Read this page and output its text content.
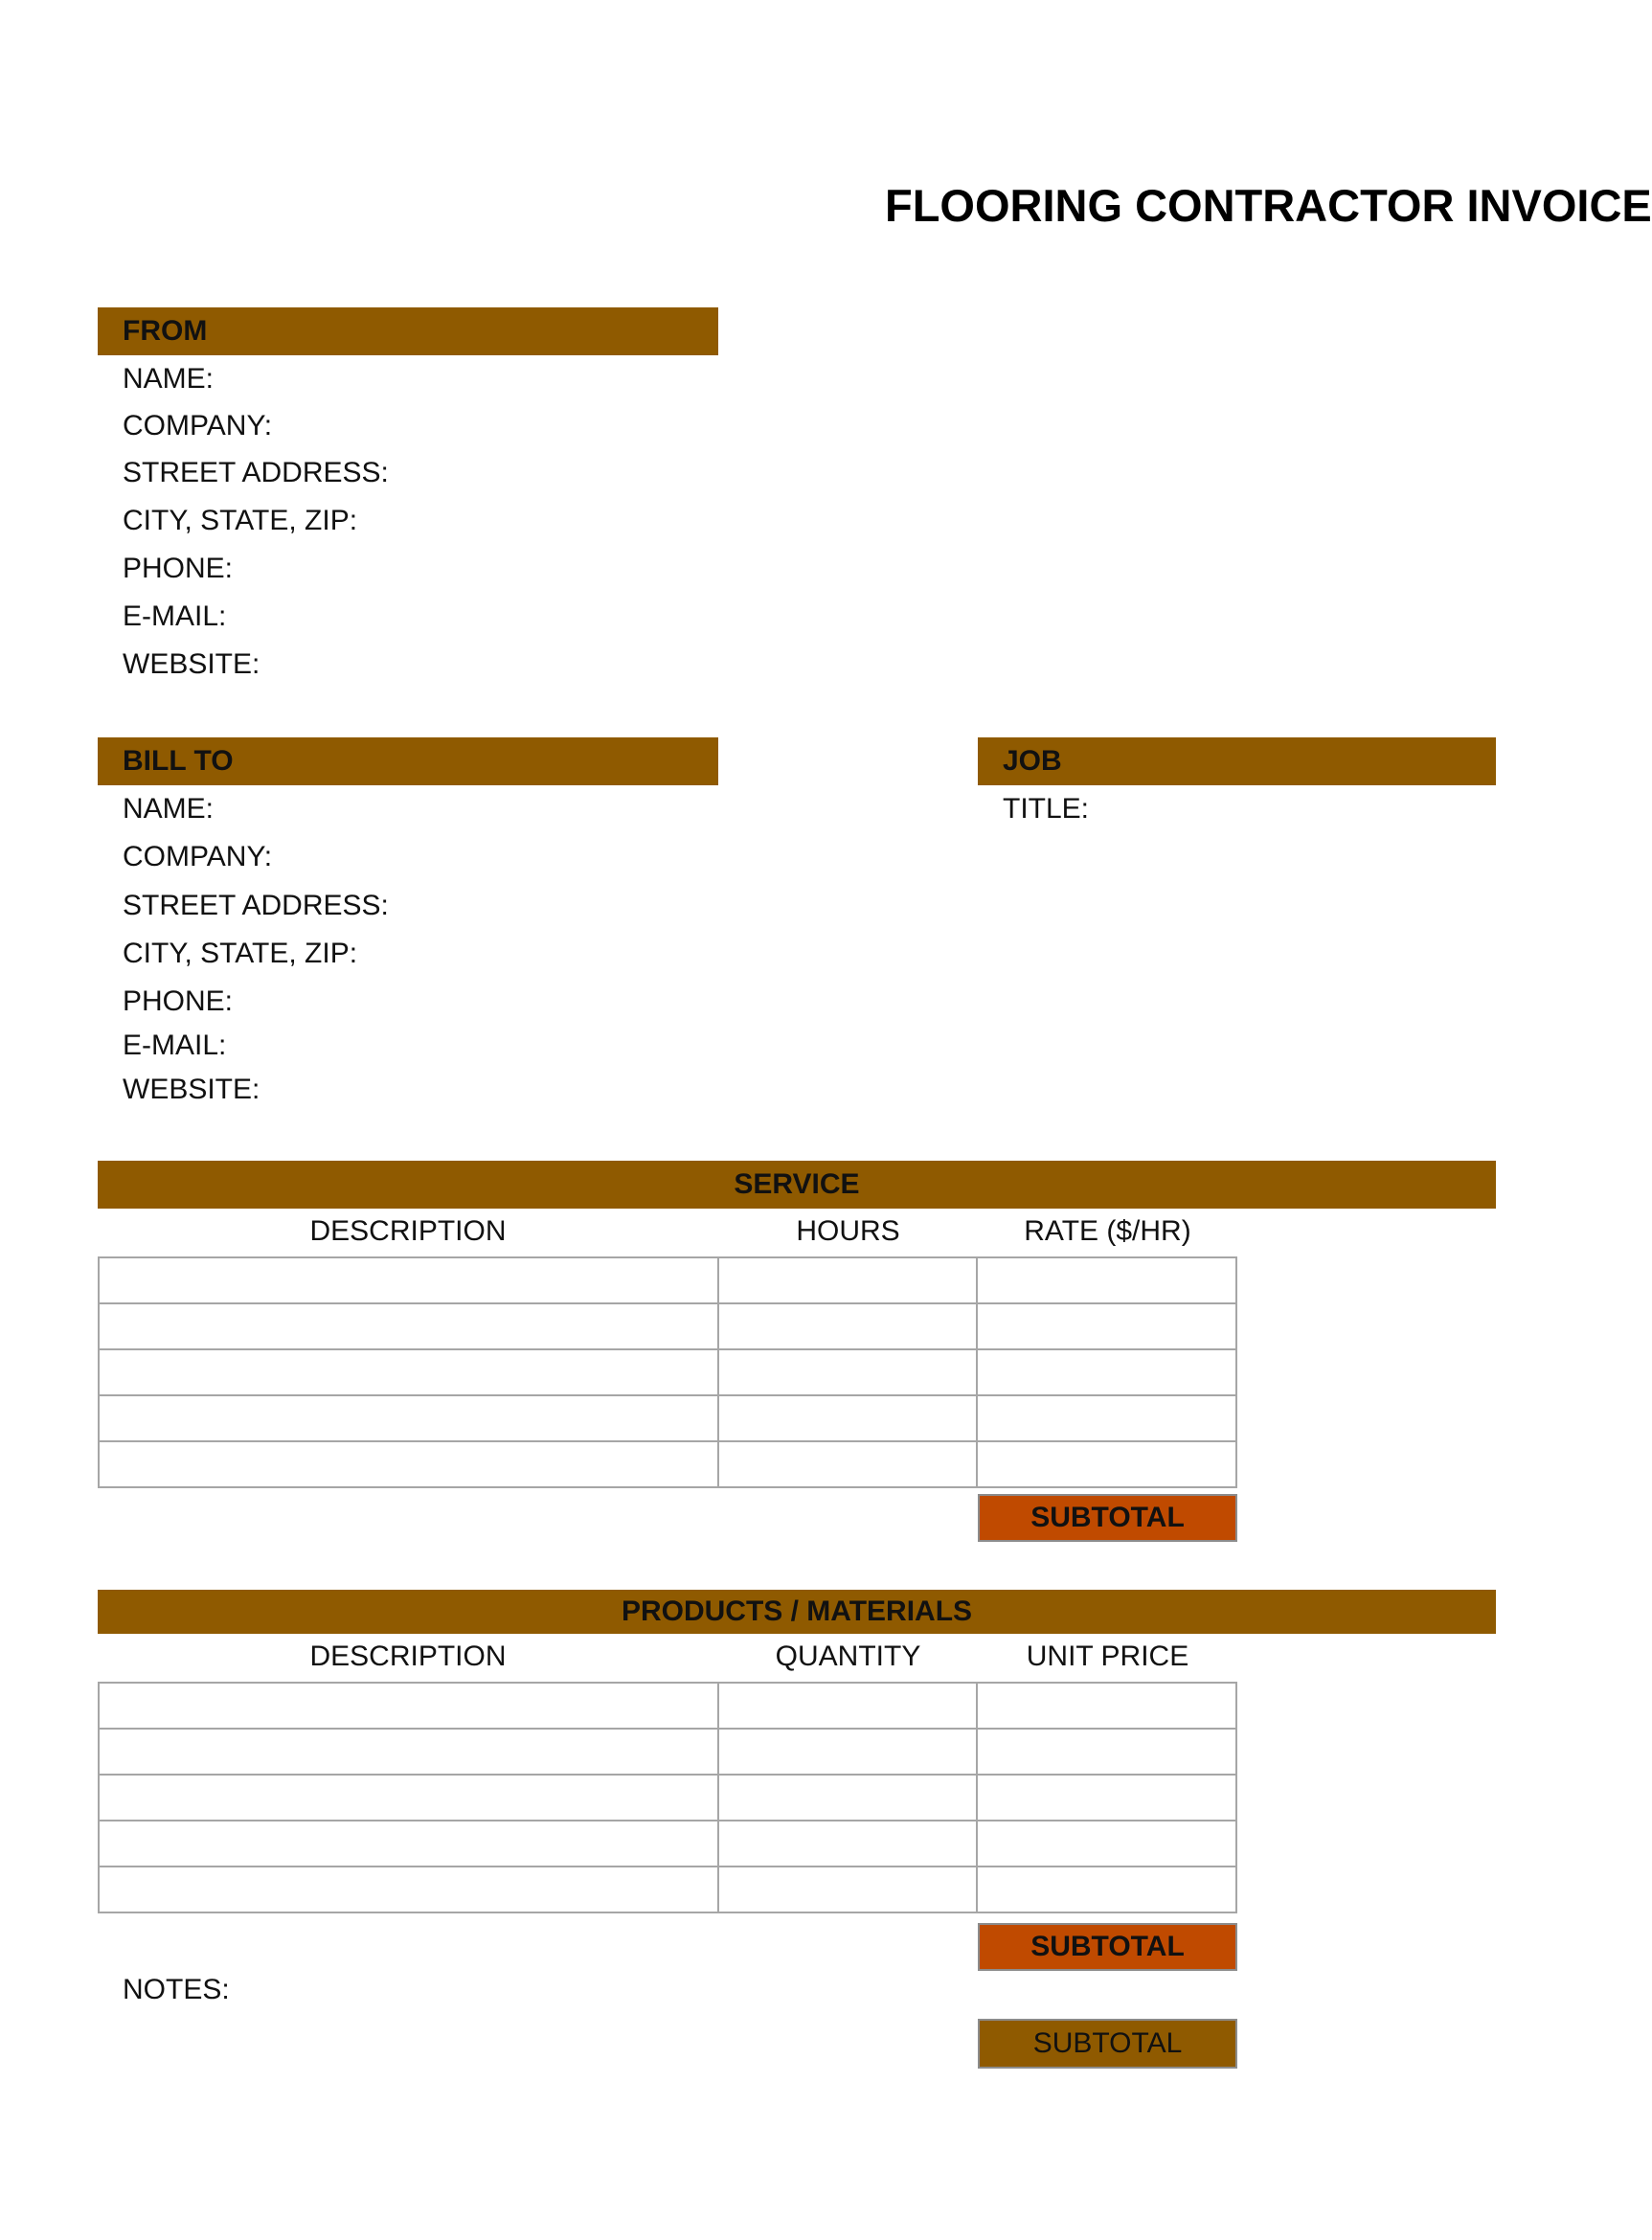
FLOORING CONTRACTOR INVOICE
FROM
NAME:
COMPANY:
STREET ADDRESS:
CITY, STATE, ZIP:
PHONE:
E-MAIL:
WEBSITE:
BILL TO
NAME:
COMPANY:
STREET ADDRESS:
CITY, STATE, ZIP:
PHONE:
E-MAIL:
WEBSITE:
JOB
TITLE:
SERVICE
DESCRIPTION	HOURS	RATE ($/HR)

SUBTOTAL
PRODUCTS / MATERIALS
DESCRIPTION	QUANTITY	UNIT PRICE

SUBTOTAL
NOTES:
SUBTOTAL
